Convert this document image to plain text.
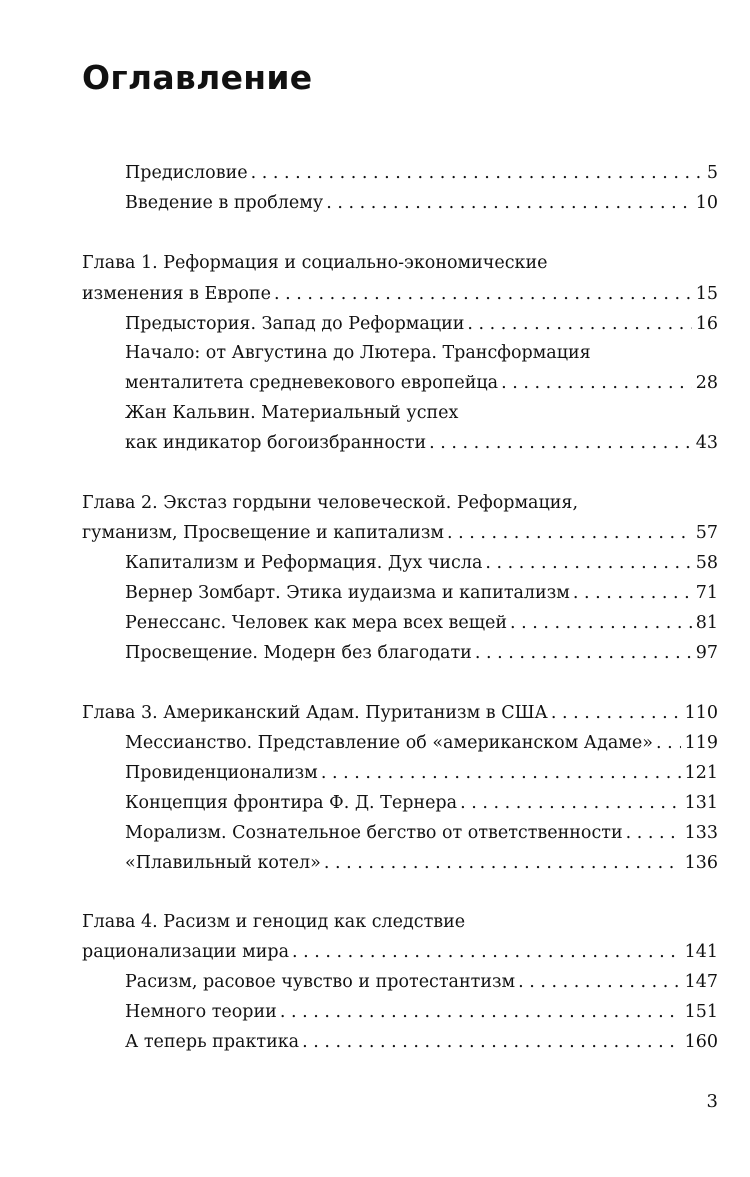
Оглавление
Предисловие . . .	5
Введение в проблему . . .	10
Глава 1. Реформация и социально-экономические
изменения в Европе . . .	15
Предыстория. Запад до Реформации . . .	16
Начало: от Августина до Лютера. Трансформация
менталитета средневекового европейца . . .	28
Жан Кальвин. Материальный успех
как индикатор богоизбранности . . .	43
Глава 2. Экстаз гордыни человеческой. Реформация,
гуманизм, Просвещение и капитализм . . .	57
Капитализм и Реформация. Дух числа . . .	58
Вернер Зомбарт. Этика иудаизма и капитализм . . .	71
Ренессанс. Человек как мера всех вещей . . .	81
Просвещение. Модерн без благодати . . .	97
Глава 3. Американский Адам. Пуританизм в США . . .	110
Мессианство. Представление об «американском Адаме» . . . 119
Провиденционализм . . .	121
Концепция фронтира Ф. Д. Тернера . . .	131
Морализм. Сознательное бегство от ответственности . . .	133
«Плавильный котел» . . .	136
Глава 4. Расизм и геноцид как следствие
рационализации мира . . .	141
Расизм, расовое чувство и протестантизм . . .	147
Немного теории . . .	151
А теперь практика . . .	160
3
